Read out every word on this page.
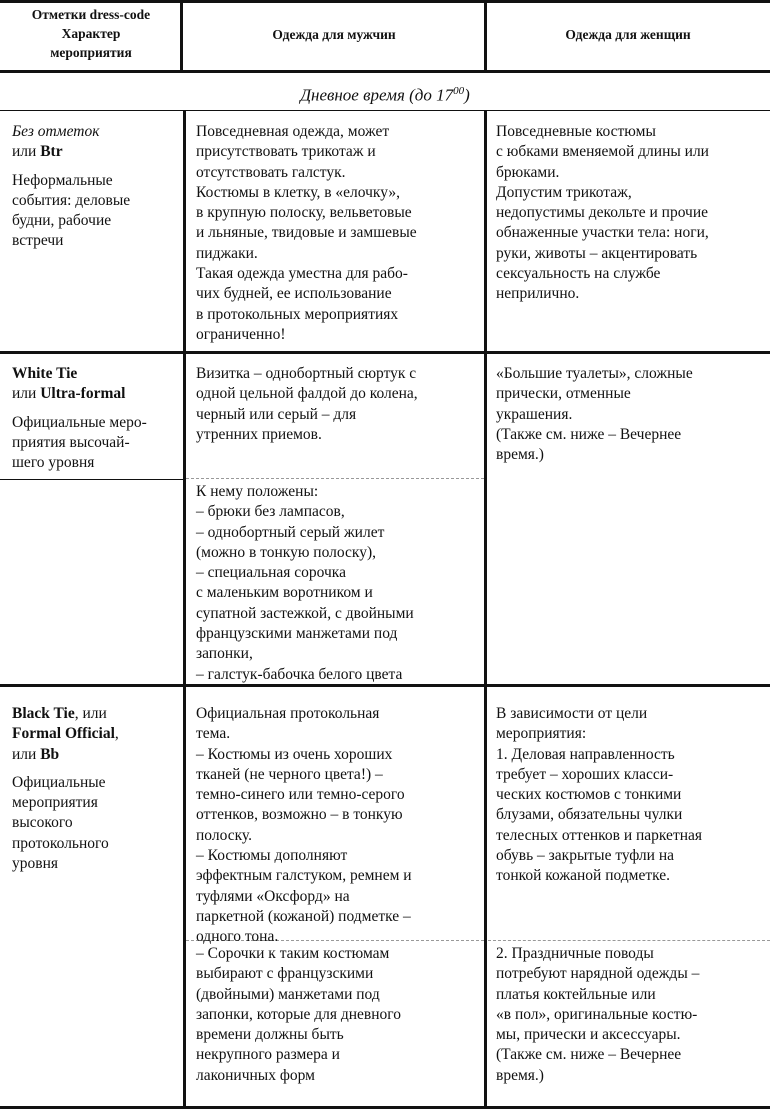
Отметки dress-code
Характер
мероприятия
Одежда для мужчин	Одежда для женщин
Дневное время (до $17^{00}$)
Без отметок
или Btr
Неформальные
события: деловые
будни, рабочие
встречи
Повседневная одежда, может
присутствовать трикотаж и
отсутствовать галстук.
Костюмы в клетку, в «елочку»,
в крупную полоску, вельветовые
и льняные, твидовые и замшевые
пиджаки.
Такая одежда уместна для рабо-
чих будней, ее использование
в протокольных мероприятиях
ограниченно!
Повседневные костюмы
с юбками вменяемой длины или
брюками.
Допустим трикотаж,
недопустимы декольте и прочие
обнаженные участки тела: ноги,
руки, животы – акцентировать
сексуальность на службе
неприлично.
White Tie
или Ultra-formal
Официальные меро-
приятия высочай-
шего уровня
Визитка – однобортный сюртук с
одной цельной фалдой до колена,
черный или серый – для
утренних приемов.
К нему положены:
– брюки без лампасов,
– однобортный серый жилет
(можно в тонкую полоску),
– специальная сорочка
с маленьким воротником и
супатной застежкой, с двойными
французскими манжетами под
запонки,
– галстук-бабочка белого цвета
«Большие туалеты», сложные
прически, отменные
украшения.
(Также см. ниже – Вечернее
время.)
Black Tie, или
Formal Official,
или Bb
Официальные
мероприятия
высокого
протокольного
уровня
Официальная протокольная
тема.
– Костюмы из очень хороших
тканей (не черного цвета!) –
темно-синего или темно-серого
оттенков, возможно – в тонкую
полоску.
– Костюмы дополняют
эффектным галстуком, ремнем и
туфлями «Оксфорд» на
паркетной (кожаной) подметке –
одного тона.
– Сорочки к таким костюмам
выбирают с французскими
(двойными) манжетами под
запонки, которые для дневного
времени должны быть
некрупного размера и
лаконичных форм
В зависимости от цели
мероприятия:
1. Деловая направленность
требует – хороших класси-
ческих костюмов с тонкими
блузами, обязательны чулки
телесных оттенков и паркетная
обувь – закрытые туфли на
тонкой кожаной подметке.
2. Праздничные поводы
потребуют нарядной одежды –
платья коктейльные или
«в пол», оригинальные костю-
мы, прически и аксессуары.
(Также см. ниже – Вечернее
время.)
